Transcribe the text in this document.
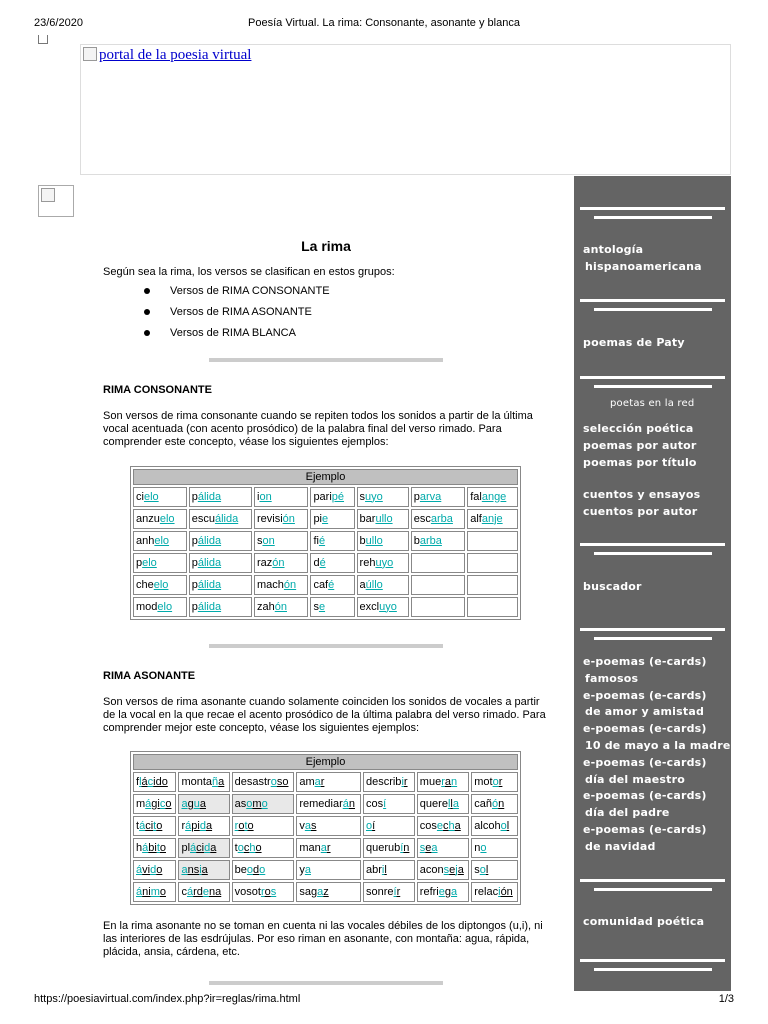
23/6/2020	Poesía Virtual. La rima: Consonante, asonante y blanca
https://poesiavirtual.com/index.php?ir=reglas/rima.html	1/3
portal de la poesia virtual
La rima

Según sea la rima, los versos se clasifican en estos grupos:

Versos de RIMA CONSONANTE
Versos de RIMA ASONANTE
Versos de RIMA BLANCA
RIMA CONSONANTE

Son versos de rima consonante cuando se repiten todos los sonidos a partir de la última vocal acentuada (con acento prosódico) de la palabra final del verso rimado. Para comprender este concepto, véase los siguientes ejemplos:

Ejemplo						
cielo	pálida	ion	paripé	suyo	parva	falange
anzuelo	escuálida	revisión	pie	barullo	escarba	alfanje
anhelo	pálida	son	fié	bullo	barba	
pelo	pálida	razón	dé	rehuyo		
cheelo	pálida	machón	café	aúllo		
modelo	pálida	zahón	se	excluyo		
RIMA ASONANTE

Son versos de rima asonante cuando solamente coinciden los sonidos de vocales a partir de la vocal en la que recae el acento prosódico de la última palabra del verso rimado. Para comprender mejor este concepto, véase los siguientes ejemplos:

Ejemplo						
flácido	montaña	desastroso	amar	describir	mueran	motor
mágico	agua	asomo	remediarán	cosí	querella	cañón
tácito	rápida	roto	vas	oí	cosecha	alcohol
hábito	plácida	tocho	manar	querubín	sea	no
ávido	ansia	beodo	ya	abril	aconseja	sol
ánimo	cárdena	vosotros	sagaz	sonreír	refriega	relación

En la rima asonante no se toman en cuenta ni las vocales débiles de los diptongos (u,i), ni las interiores de las esdrújulas. Por eso riman en asonante, con montaña: agua, rápida, plácida, ansia, cárdena, etc.

antología
hispanoamericana
poemas de Paty
poetas en la red
selección poética
poemas por autor
poemas por título
cuentos y ensayos
cuentos por autor
buscador
e-poemas (e-cards)
famosos
e-poemas (e-cards)
de amor y amistad
e-poemas (e-cards)
10 de mayo a la madre
e-poemas (e-cards)
día del maestro
e-poemas (e-cards)
día del padre
e-poemas (e-cards)
de navidad
comunidad poética
